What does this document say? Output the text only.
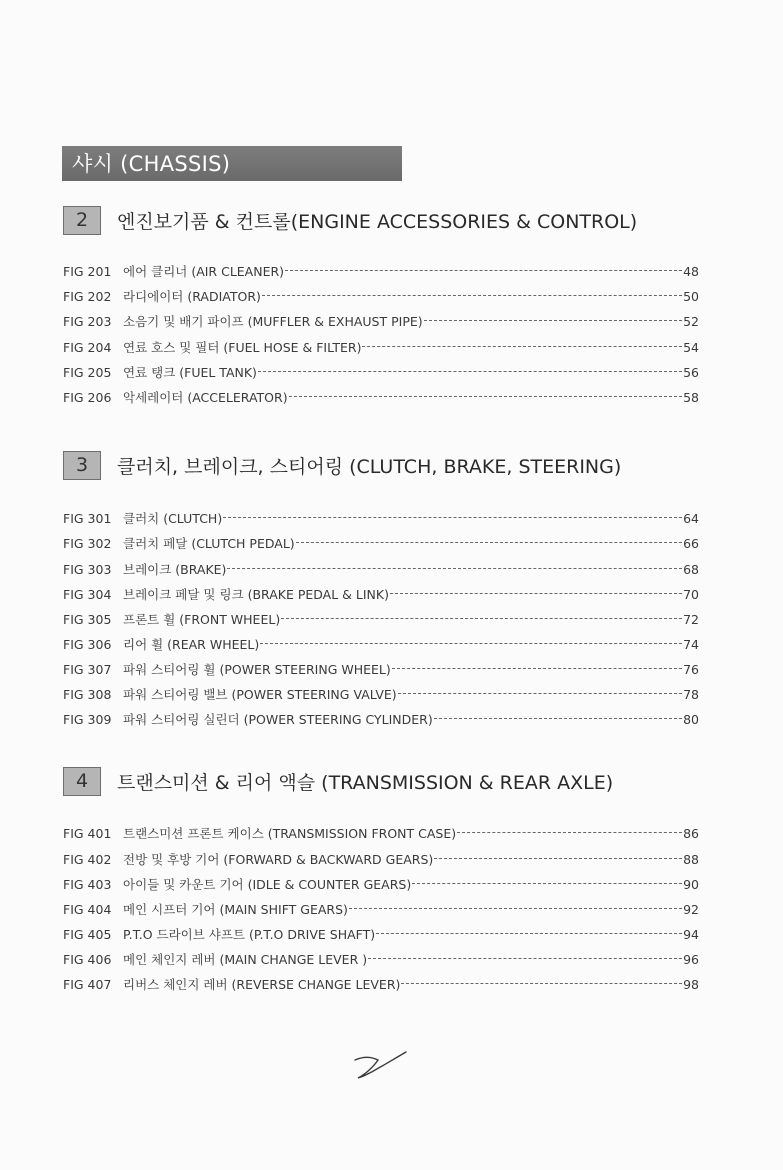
샤시 (CHASSIS)
2	엔진보기품 & 컨트롤(ENGINE ACCESSORIES & CONTROL)
FIG 201 에어 클리너 (AIR CLEANER)	48
FIG 202 라디에이터 (RADIATOR)	50
FIG 203 소음기 및 배기 파이프 (MUFFLER & EXHAUST PIPE)	52
FIG 204 연료 호스 및 필터 (FUEL HOSE & FILTER)	54
FIG 205 연료 탱크 (FUEL TANK)	56
FIG 206 악세레이터 (ACCELERATOR)	58
3	클러치, 브레이크, 스티어링 (CLUTCH, BRAKE, STEERING)
FIG 301 클러치 (CLUTCH)	64
FIG 302 클러치 페달 (CLUTCH PEDAL)	66
FIG 303 브레이크 (BRAKE)	68
FIG 304 브레이크 페달 및 링크 (BRAKE PEDAL & LINK)	70
FIG 305 프론트 휠 (FRONT WHEEL)	72
FIG 306 리어 휠 (REAR WHEEL)	74
FIG 307 파워 스티어링 휠 (POWER STEERING WHEEL)	76
FIG 308 파워 스티어링 밸브 (POWER STEERING VALVE)	78
FIG 309 파워 스티어링 실린더 (POWER STEERING CYLINDER)	80
4	트랜스미션 & 리어 액슬 (TRANSMISSION & REAR AXLE)
FIG 401 트랜스미션 프론트 케이스 (TRANSMISSION FRONT CASE)	86
FIG 402 전방 및 후방 기어 (FORWARD & BACKWARD GEARS)	88
FIG 403 아이들 및 카운트 기어 (IDLE & COUNTER GEARS)	90
FIG 404 메인 시프터 기어 (MAIN SHIFT GEARS)	92
FIG 405 P.T.O 드라이브 샤프트 (P.T.O DRIVE SHAFT)	94
FIG 406 메인 체인지 레버 (MAIN CHANGE LEVER )	96
FIG 407 리버스 체인지 레버 (REVERSE CHANGE LEVER)	98
